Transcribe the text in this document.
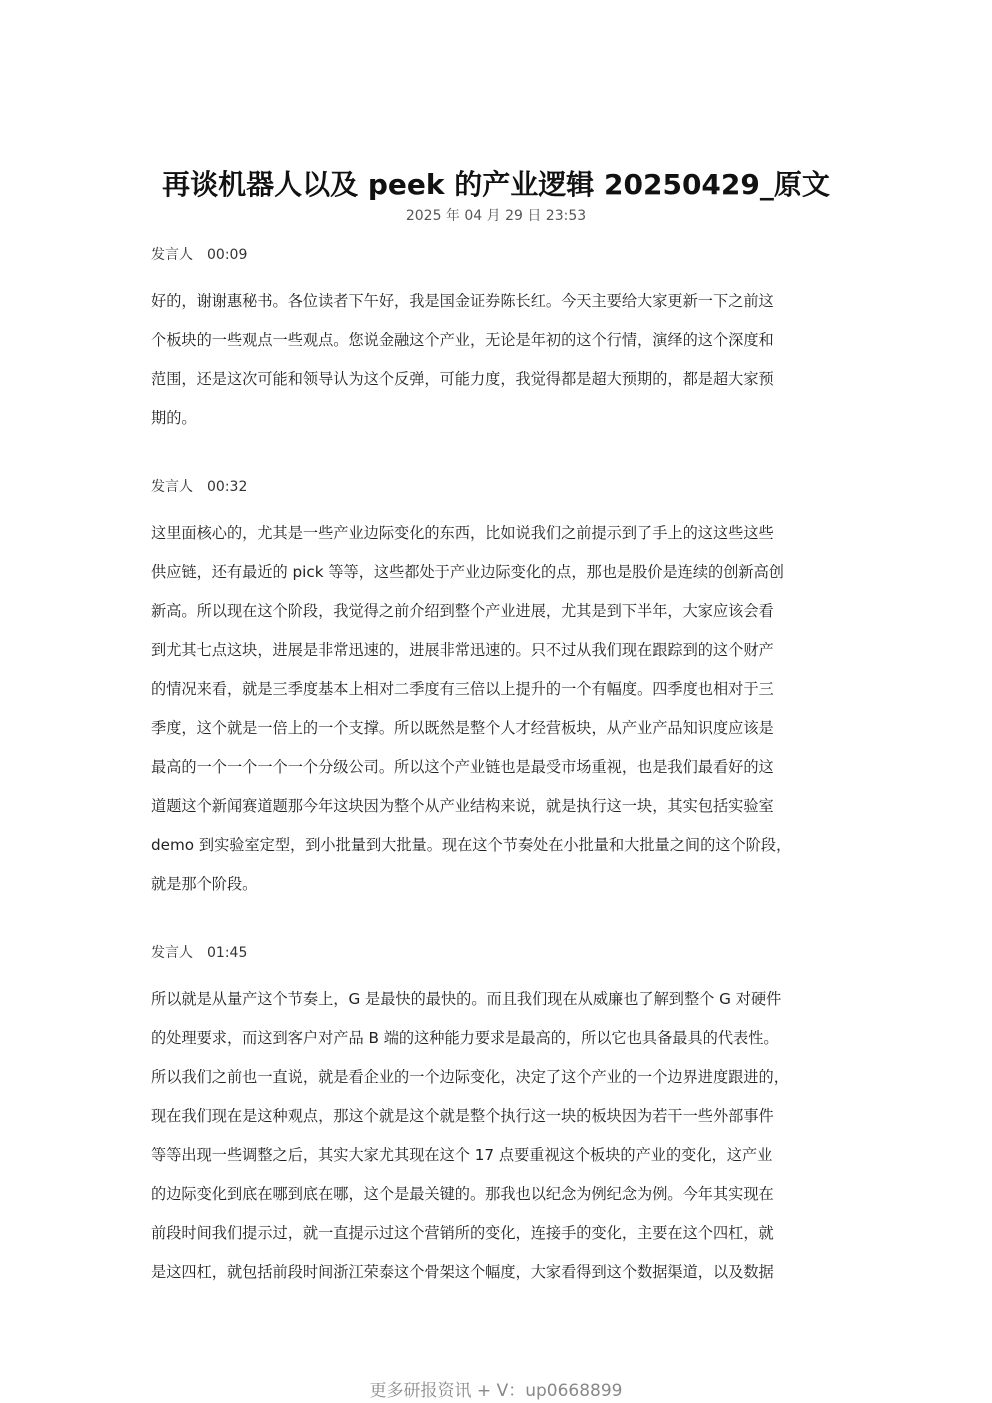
再谈机器人以及 peek 的产业逻辑 20250429_原文
2025 年 04 月 29 日 23:53
发言人 00:09
好的，谢谢惠秘书。各位读者下午好，我是国金证券陈长红。今天主要给大家更新一下之前这
个板块的一些观点一些观点。您说金融这个产业，无论是年初的这个行情，演绎的这个深度和
范围，还是这次可能和领导认为这个反弹，可能力度，我觉得都是超大预期的，都是超大家预
期的。
发言人 00:32
这里面核心的，尤其是一些产业边际变化的东西，比如说我们之前提示到了手上的这这些这些
供应链，还有最近的 pick 等等，这些都处于产业边际变化的点，那也是股价是连续的创新高创
新高。所以现在这个阶段，我觉得之前介绍到整个产业进展，尤其是到下半年，大家应该会看
到尤其七点这块，进展是非常迅速的，进展非常迅速的。只不过从我们现在跟踪到的这个财产
的情况来看，就是三季度基本上相对二季度有三倍以上提升的一个有幅度。四季度也相对于三
季度，这个就是一倍上的一个支撑。所以既然是整个人才经营板块，从产业产品知识度应该是
最高的一个一个一个一个分级公司。所以这个产业链也是最受市场重视，也是我们最看好的这
道题这个新闻赛道题那今年这块因为整个从产业结构来说，就是执行这一块，其实包括实验室
demo 到实验室定型，到小批量到大批量。现在这个节奏处在小批量和大批量之间的这个阶段，
就是那个阶段。
发言人 01:45
所以就是从量产这个节奏上，G 是最快的最快的。而且我们现在从威廉也了解到整个 G 对硬件
的处理要求，而这到客户对产品 B 端的这种能力要求是最高的，所以它也具备最具的代表性。
所以我们之前也一直说，就是看企业的一个边际变化，决定了这个产业的一个边界进度跟进的，
现在我们现在是这种观点，那这个就是这个就是整个执行这一块的板块因为若干一些外部事件
等等出现一些调整之后，其实大家尤其现在这个 17 点要重视这个板块的产业的变化，这产业
的边际变化到底在哪到底在哪，这个是最关键的。那我也以纪念为例纪念为例。今年其实现在
前段时间我们提示过，就一直提示过这个营销所的变化，连接手的变化，主要在这个四杠，就
是这四杠，就包括前段时间浙江荣泰这个骨架这个幅度，大家看得到这个数据渠道，以及数据
更多研报资讯 + V：up0668899
